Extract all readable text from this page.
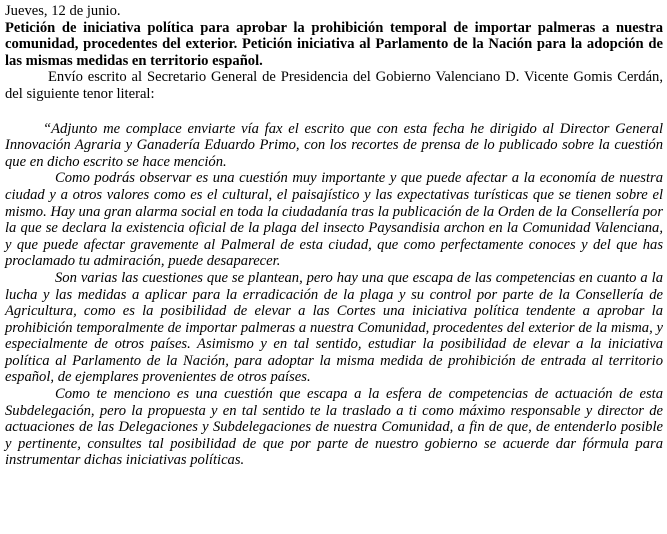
Jueves, 12 de junio.

Petición de iniciativa política para aprobar la prohibición temporal de importar palmeras a nuestra comunidad, procedentes del exterior. Petición iniciativa al Parlamento de la Nación para la adopción de las mismas medidas en territorio español.

Envío escrito al Secretario General de Presidencia del Gobierno Valenciano D. Vicente Gomis Cerdán, del siguiente tenor literal:

“Adjunto me complace enviarte vía fax el escrito que con esta fecha he dirigido al Director General Innovación Agraria y Ganadería Eduardo Primo, con los recortes de prensa de lo publicado sobre la cuestión que en dicho escrito se hace mención.

Como podrás observar es una cuestión muy importante y que puede afectar a la economía de nuestra ciudad y a otros valores como es el cultural, el paisajístico y las expectativas turísticas que se tienen sobre el mismo. Hay una gran alarma social en toda la ciudadanía tras la publicación de la Orden de la Consellería por la que se declara la existencia oficial de la plaga del insecto Paysandisia archon en la Comunidad Valenciana, y que puede afectar gravemente al Palmeral de esta ciudad, que como perfectamente conoces y del que has proclamado tu admiración, puede desaparecer.

Son varias las cuestiones que se plantean, pero hay una que escapa de las competencias en cuanto a la lucha y las medidas a aplicar para la erradicación de la plaga y su control por parte de la Consellería de Agricultura, como es la posibilidad de elevar a las Cortes una iniciativa política tendente a aprobar la prohibición temporalmente de importar palmeras a nuestra Comunidad, procedentes del exterior de la misma, y especialmente de otros países. Asimismo y en tal sentido, estudiar la posibilidad de elevar a la iniciativa política al Parlamento de la Nación, para adoptar la misma medida de prohibición de entrada al territorio español, de ejemplares provenientes de otros países.

Como te menciono es una cuestión que escapa a la esfera de competencias de actuación de esta Subdelegación, pero la propuesta y en tal sentido te la traslado a ti como máximo responsable y director de actuaciones de las Delegaciones y Subdelegaciones de nuestra Comunidad, a fin de que, de entenderlo posible y pertinente, consultes tal posibilidad de que por parte de nuestro gobierno se acuerde dar fórmula para instrumentar dichas iniciativas políticas.
